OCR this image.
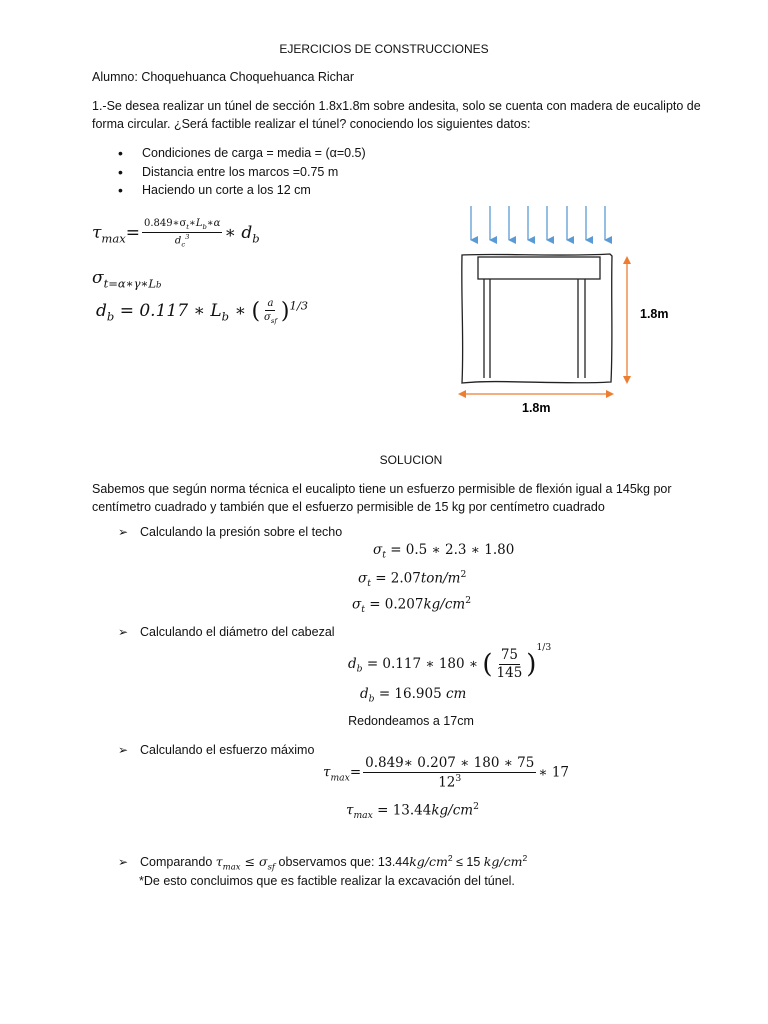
EJERCICIOS DE CONSTRUCCIONES
Alumno: Choquehuanca Choquehuanca Richar
1.-Se desea realizar un túnel de sección 1.8x1.8m sobre andesita, solo se cuenta con madera de eucalipto de forma circular. ¿Será factible realizar el túnel? conociendo los siguientes datos:
• Condiciones de carga = media = (α=0.5)
• Distancia entre los marcos =0.75 m
• Haciendo un corte a los 12 cm
$\tau_{max}= \frac{0.849∗\sigma_t∗L_b∗\alpha}{d_c^3}$ ∗ $d_b$
$\sigma_{t=\alpha∗\gamma∗Lb}$
$d_b = 0.117$ ∗ $L_b$ ∗ ( $\frac{a}{\sigma_{sf}} )^{1/3}$
1.8m
1.8m
SOLUCION
Sabemos que según norma técnica el eucalipto tiene un esfuerzo permisible de flexión igual a 145kg por centímetro cuadrado y también que el esfuerzo permisible de 15 kg por centímetro cuadrado
➢ Calculando la presión sobre el techo
$\sigma_t = 0.5$ ∗ 2.3 ∗ 1.80
$\sigma_t = 2.07ton/m^2$
$\sigma_t = 0.207kg/cm^2$
➢ Calculando el diámetro del cabezal
$d_b = 0.117$ ∗ 180 ∗ ( $\frac{75}{145} )^{1/3}$
$d_b = 16.905$ cm
Redondeamos a 17cm
➢ Calculando el esfuerzo máximo
$\tau_{max}= \frac{0.849∗ 0.207 ∗ 180 ∗ 75}{12^3}$ ∗ 17
$\tau_{max} = 13.44kg/cm^2$
➢ Comparando $\tau_{max} \le \sigma_{sf}$ observamos que: $13.44kg/cm^2 \le 15$ $kg/cm^2$
*De esto concluimos que es factible realizar la excavación del túnel.
